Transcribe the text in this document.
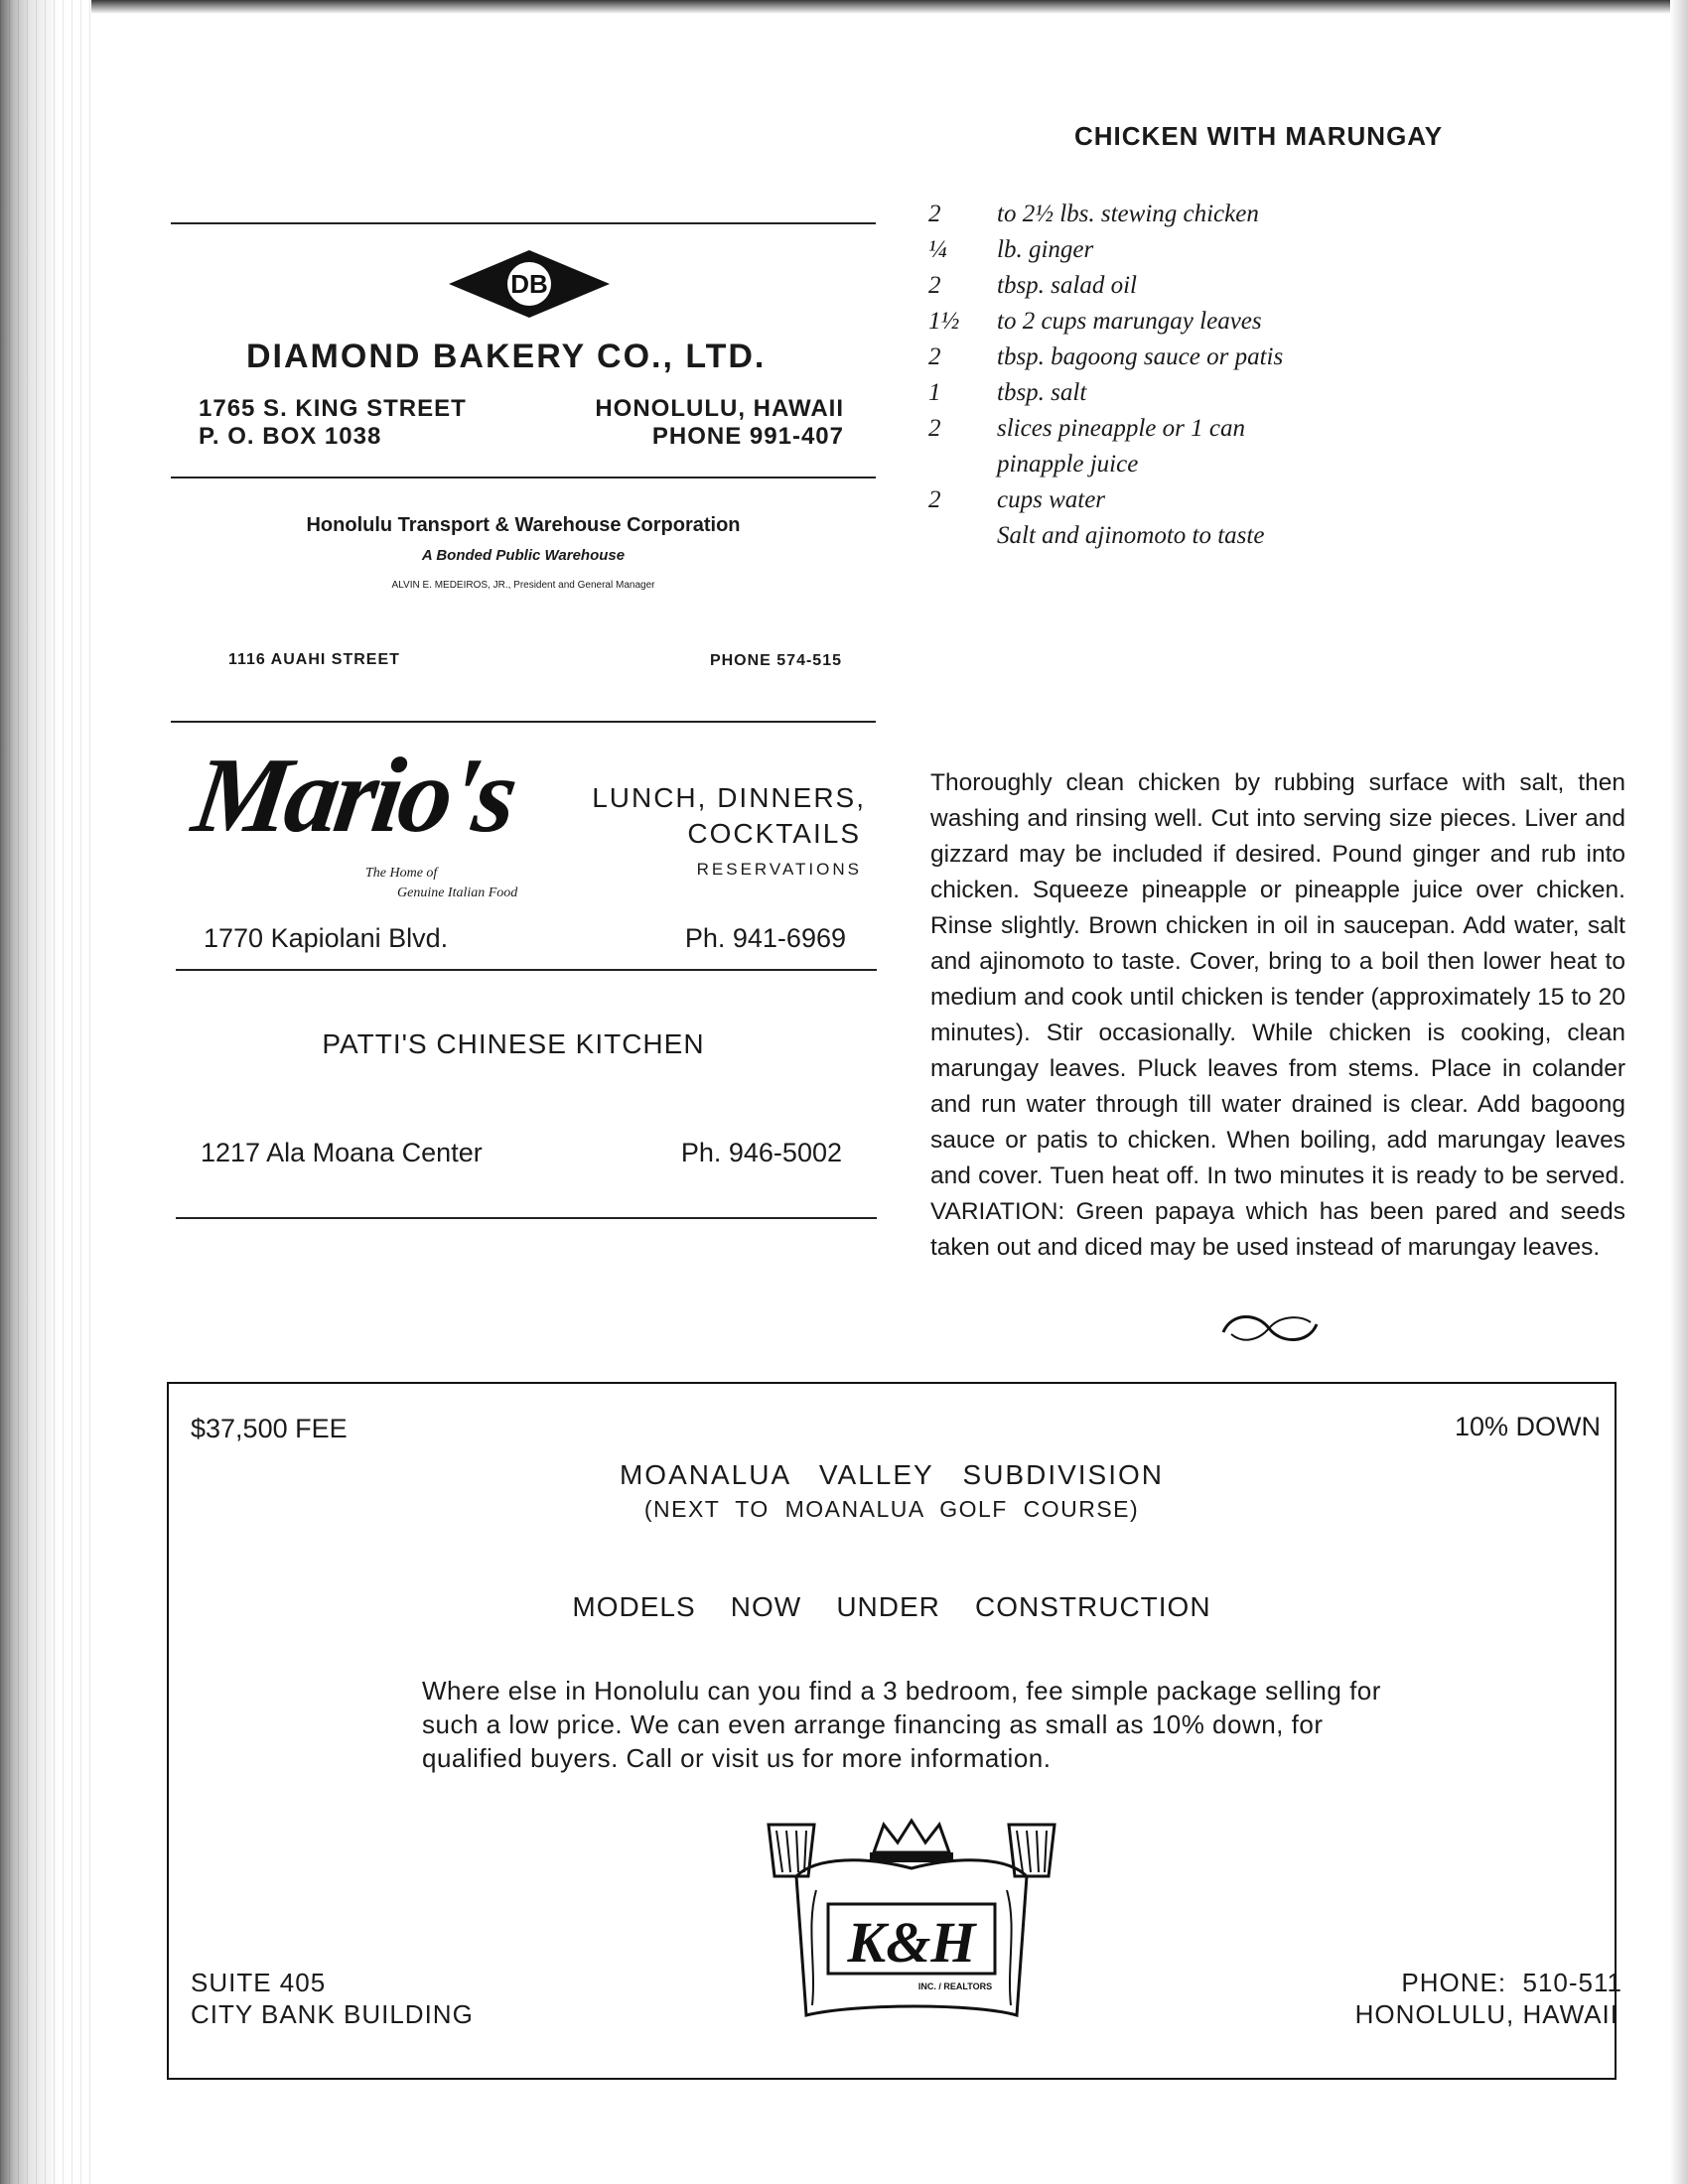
DB
DIAMOND BAKERY CO., LTD.
1765 S. KING STREET
P. O. BOX 1038
HONOLULU, HAWAII
PHONE 991-407
Honolulu Transport & Warehouse Corporation
A Bonded Public Warehouse
ALVIN E. MEDEIROS, JR., President and General Manager
1116 AUAHI STREET	PHONE 574-515
Mario's
The Home of
Genuine Italian Food
LUNCH, DINNERS,
COCKTAILS
RESERVATIONS
1770 Kapiolani Blvd.	Ph. 941-6969
PATTI'S CHINESE KITCHEN
1217 Ala Moana Center	Ph. 946-5002
CHICKEN WITH MARUNGAY
2	to 2½ lbs. stewing chicken
¼	lb. ginger
2	tbsp. salad oil
1½	to 2 cups marungay leaves
2	tbsp. bagoong sauce or patis
1	tbsp. salt
2	slices pineapple or 1 can pinapple juice
2	cups water
Salt and ajinomoto to taste
Thoroughly clean chicken by rubbing surface with salt, then washing and rinsing well. Cut into serving size pieces. Liver and gizzard may be included if desired. Pound ginger and rub into chicken. Squeeze pineapple or pineapple juice over chicken. Rinse slightly. Brown chicken in oil in saucepan. Add water, salt and ajinomoto to taste. Cover, bring to a boil then lower heat to medium and cook until chicken is tender (approximately 15 to 20 minutes). Stir occasionally. While chicken is cooking, clean marungay leaves. Pluck leaves from stems. Place in colander and run water through till water drained is clear. Add bagoong sauce or patis to chicken. When boiling, add marungay leaves and cover. Tuen heat off. In two minutes it is ready to be served. VARIATION: Green papaya which has been pared and seeds taken out and diced may be used instead of marungay leaves.
$37,500 FEE	10% DOWN
MOANALUA   VALLEY   SUBDIVISION
(NEXT  TO  MOANALUA  GOLF  COURSE)
MODELS    NOW    UNDER    CONSTRUCTION
Where else in Honolulu can you find a 3 bedroom, fee simple package selling for such a low price. We can even arrange financing as small as 10% down, for qualified buyers. Call or visit us for more information.
K&H
INC. / REALTORS
SUITE 405
CITY BANK BUILDING
PHONE:  510-511
HONOLULU, HAWAII
